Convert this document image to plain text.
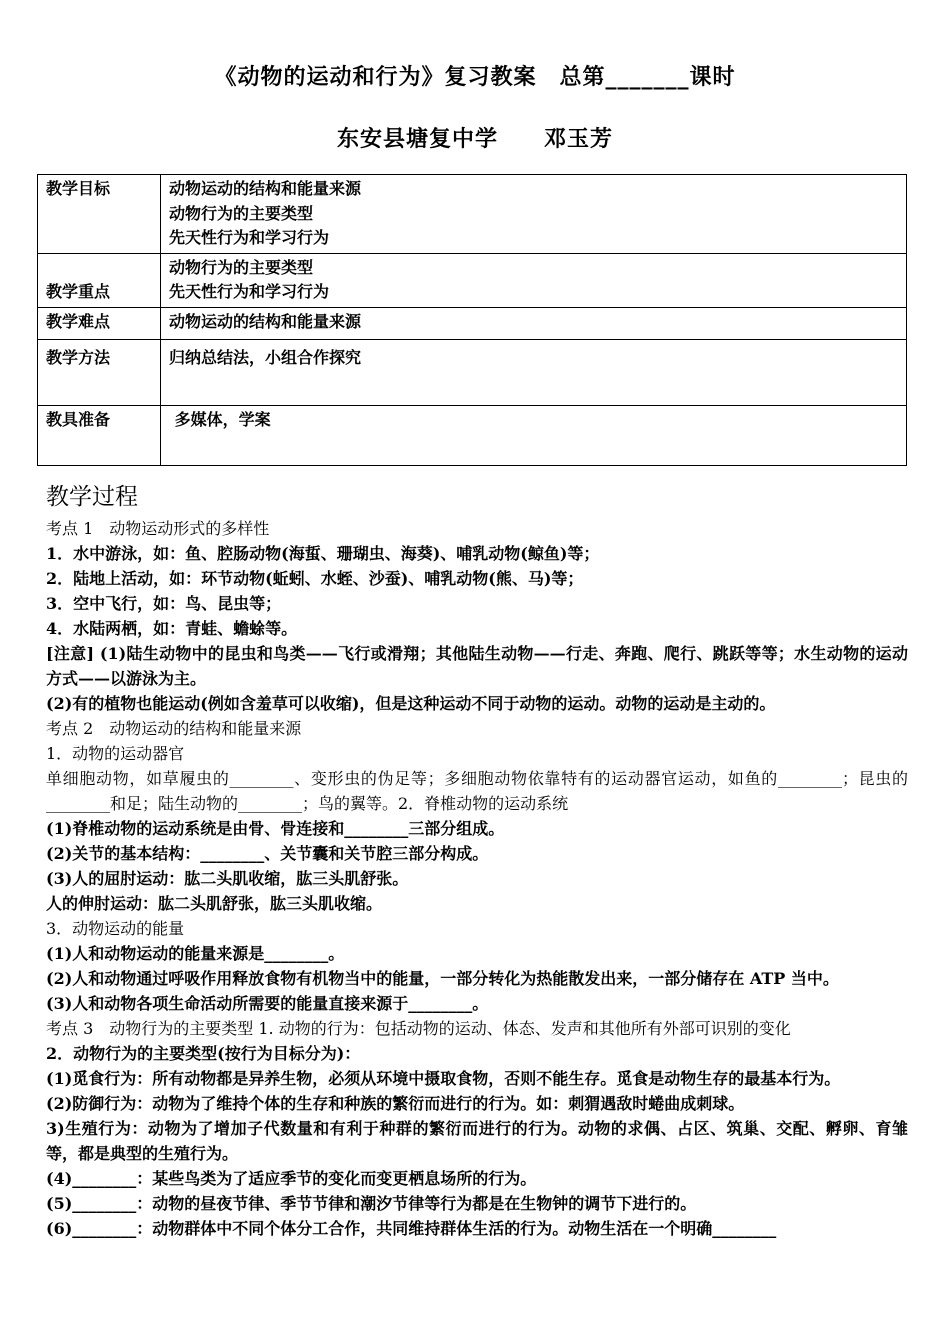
《动物的运动和行为》复习教案　总第_______课时
东安县塘复中学　　邓玉芳
教学目标	动物运动的结构和能量来源
动物行为的主要类型
先天性行为和学习行为

教学重点	动物行为的主要类型
先天性行为和学习行为

教学难点	动物运动的结构和能量来源

教学方法	归纳总结法，小组合作探究

教具准备	多媒体，学案
教学过程

考点 1　动物运动形式的多样性

1．水中游泳，如：鱼、腔肠动物(海蜇、珊瑚虫、海葵)、哺乳动物(鲸鱼)等；

2．陆地上活动，如：环节动物(蚯蚓、水蛭、沙蚕)、哺乳动物(熊、马)等；

3．空中飞行，如：鸟、昆虫等；

4．水陆两栖，如：青蛙、蟾蜍等。

[注意] (1)陆生动物中的昆虫和鸟类——飞行或滑翔；其他陆生动物——行走、奔跑、爬行、跳跃等等；水生动物的运动方式——以游泳为主。

(2)有的植物也能运动(例如含羞草可以收缩)，但是这种运动不同于动物的运动。动物的运动是主动的。

考点 2　动物运动的结构和能量来源

1．动物的运动器官

单细胞动物，如草履虫的________、变形虫的伪足等；多细胞动物依靠特有的运动器官运动，如鱼的________；昆虫的________和足；陆生动物的________；鸟的翼等。2．脊椎动物的运动系统

(1)脊椎动物的运动系统是由骨、骨连接和________三部分组成。

(2)关节的基本结构：________、关节囊和关节腔三部分构成。

(3)人的屈肘运动：肱二头肌收缩，肱三头肌舒张。

人的伸肘运动：肱二头肌舒张，肱三头肌收缩。

3．动物运动的能量

(1)人和动物运动的能量来源是________。

(2)人和动物通过呼吸作用释放食物有机物当中的能量，一部分转化为热能散发出来，一部分储存在 ATP 当中。

(3)人和动物各项生命活动所需要的能量直接来源于________。

考点 3　动物行为的主要类型 1. 动物的行为：包括动物的运动、体态、发声和其他所有外部可识别的变化

2．动物行为的主要类型(按行为目标分为)：

(1)觅食行为：所有动物都是异养生物，必须从环境中摄取食物，否则不能生存。觅食是动物生存的最基本行为。

(2)防御行为：动物为了维持个体的生存和种族的繁衍而进行的行为。如：刺猬遇敌时蜷曲成刺球。

3)生殖行为：动物为了增加子代数量和有利于种群的繁衍而进行的行为。动物的求偶、占区、筑巢、交配、孵卵、育雏等，都是典型的生殖行为。

(4)________：某些鸟类为了适应季节的变化而变更栖息场所的行为。

(5)________：动物的昼夜节律、季节节律和潮汐节律等行为都是在生物钟的调节下进行的。

(6)________：动物群体中不同个体分工合作，共同维持群体生活的行为。动物生活在一个明确________
